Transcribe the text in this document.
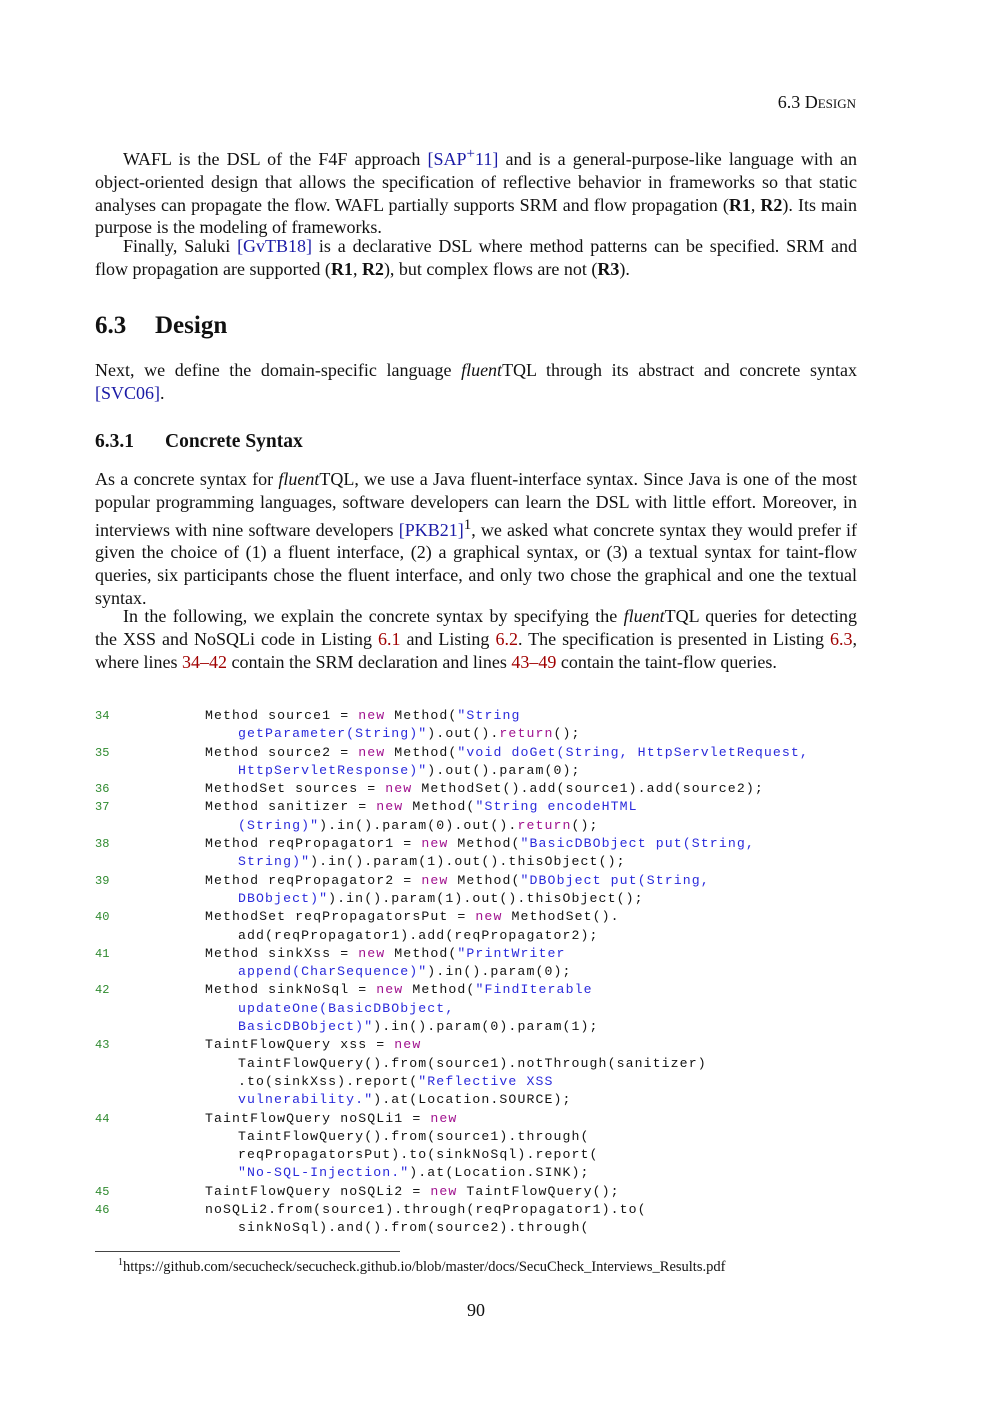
6.3 Design

WAFL is the DSL of the F4F approach [SAP+11] and is a general-purpose-like language with an object-oriented design that allows the specification of reflective behavior in frameworks so that static analyses can propagate the flow. WAFL partially supports SRM and flow propagation (R1, R2). Its main purpose is the modeling of frameworks.

Finally, Saluki [GvTB18] is a declarative DSL where method patterns can be specified. SRM and flow propagation are supported (R1, R2), but complex flows are not (R3).

6.3 Design

Next, we define the domain-specific language fluentTQL through its abstract and concrete syntax [SVC06].

6.3.1 Concrete Syntax

As a concrete syntax for fluentTQL, we use a Java fluent-interface syntax. Since Java is one of the most popular programming languages, software developers can learn the DSL with little effort. Moreover, in interviews with nine software developers $[PKB21]^1$, we asked what concrete syntax they would prefer if given the choice of (1) a fluent interface, (2) a graphical syntax, or (3) a textual syntax for taint-flow queries, six participants chose the fluent interface, and only two chose the graphical and one the textual syntax.

In the following, we explain the concrete syntax by specifying the fluentTQL queries for detecting the XSS and NoSQLi code in Listing 6.1 and Listing 6.2. The specification is presented in Listing 6.3, where lines 34–42 contain the SRM declaration and lines 43–49 contain the taint-flow queries.

34	Method source1 = new Method("String
getParameter(String)").out().return();
35	Method source2 = new Method("void doGet(String, HttpServletRequest,
HttpServletResponse)").out().param(0);
36	MethodSet sources = new MethodSet().add(source1).add(source2);
37	Method sanitizer = new Method("String encodeHTML
(String)").in().param(0).out().return();
38	Method reqPropagator1 = new Method("BasicDBObject put(String,
String)").in().param(1).out().thisObject();
39	Method reqPropagator2 = new Method("DBObject put(String,
DBObject)").in().param(1).out().thisObject();
40	MethodSet reqPropagatorsPut = new MethodSet().
add(reqPropagator1).add(reqPropagator2);
41	Method sinkXss = new Method("PrintWriter
append(CharSequence)").in().param(0);
42	Method sinkNoSql = new Method("FindIterable
updateOne(BasicDBObject,
BasicDBObject)").in().param(0).param(1);
43	TaintFlowQuery xss = new
TaintFlowQuery().from(source1).notThrough(sanitizer)
.to(sinkXss).report("Reflective XSS
vulnerability.").at(Location.SOURCE);
44	TaintFlowQuery noSQLi1 = new
TaintFlowQuery().from(source1).through(
reqPropagatorsPut).to(sinkNoSql).report(
"No-SQL-Injection.").at(Location.SINK);
45	TaintFlowQuery noSQLi2 = new TaintFlowQuery();
46	noSQLi2.from(source1).through(reqPropagator1).to(
sinkNoSql).and().from(source2).through(
$^1$https://github.com/secucheck/secucheck.github.io/blob/master/docs/SecuCheck_Interviews_Results.pdf
90
